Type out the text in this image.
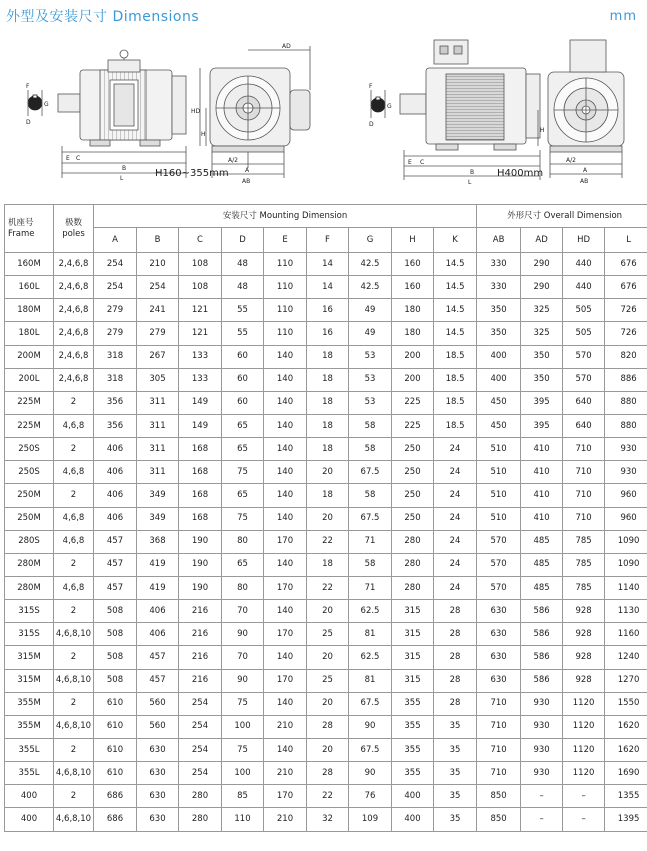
外型及安装尺寸 Dimensions	mm
F
G
D
C
E
B
L
A/2
A
AB
HD
H
AD
F
G
D
C
E
B
L
A/2
A
AB
H
H160~355mm	H400mm
机座号
Frame	极数
poles	安装尺寸 Mounting Dimension									外形尺寸 Overall Dimension			
		A	B	C	D	E	F	G	H	K	AB	AD	HD	L
160M	2,4,6,8	254	210	108	48	110	14	42.5	160	14.5	330	290	440	676
160L	2,4,6,8	254	254	108	48	110	14	42.5	160	14.5	330	290	440	676
180M	2,4,6,8	279	241	121	55	110	16	49	180	14.5	350	325	505	726
180L	2,4,6,8	279	279	121	55	110	16	49	180	14.5	350	325	505	726
200M	2,4,6,8	318	267	133	60	140	18	53	200	18.5	400	350	570	820
200L	2,4,6,8	318	305	133	60	140	18	53	200	18.5	400	350	570	886
225M	2	356	311	149	60	140	18	53	225	18.5	450	395	640	880
225M	4,6,8	356	311	149	65	140	18	58	225	18.5	450	395	640	880
250S	2	406	311	168	65	140	18	58	250	24	510	410	710	930
250S	4,6,8	406	311	168	75	140	20	67.5	250	24	510	410	710	930
250M	2	406	349	168	65	140	18	58	250	24	510	410	710	960
250M	4,6,8	406	349	168	75	140	20	67.5	250	24	510	410	710	960
280S	4,6,8	457	368	190	80	170	22	71	280	24	570	485	785	1090
280M	2	457	419	190	65	140	18	58	280	24	570	485	785	1090
280M	4,6,8	457	419	190	80	170	22	71	280	24	570	485	785	1140
315S	2	508	406	216	70	140	20	62.5	315	28	630	586	928	1130
315S	4,6,8,10	508	406	216	90	170	25	81	315	28	630	586	928	1160
315M	2	508	457	216	70	140	20	62.5	315	28	630	586	928	1240
315M	4,6,8,10	508	457	216	90	170	25	81	315	28	630	586	928	1270
355M	2	610	560	254	75	140	20	67.5	355	28	710	930	1120	1550
355M	4,6,8,10	610	560	254	100	210	28	90	355	35	710	930	1120	1620
355L	2	610	630	254	75	140	20	67.5	355	35	710	930	1120	1620
355L	4,6,8,10	610	630	254	100	210	28	90	355	35	710	930	1120	1690
400	2	686	630	280	85	170	22	76	400	35	850	–	–	1355
400	4,6,8,10	686	630	280	110	210	32	109	400	35	850	–	–	1395
